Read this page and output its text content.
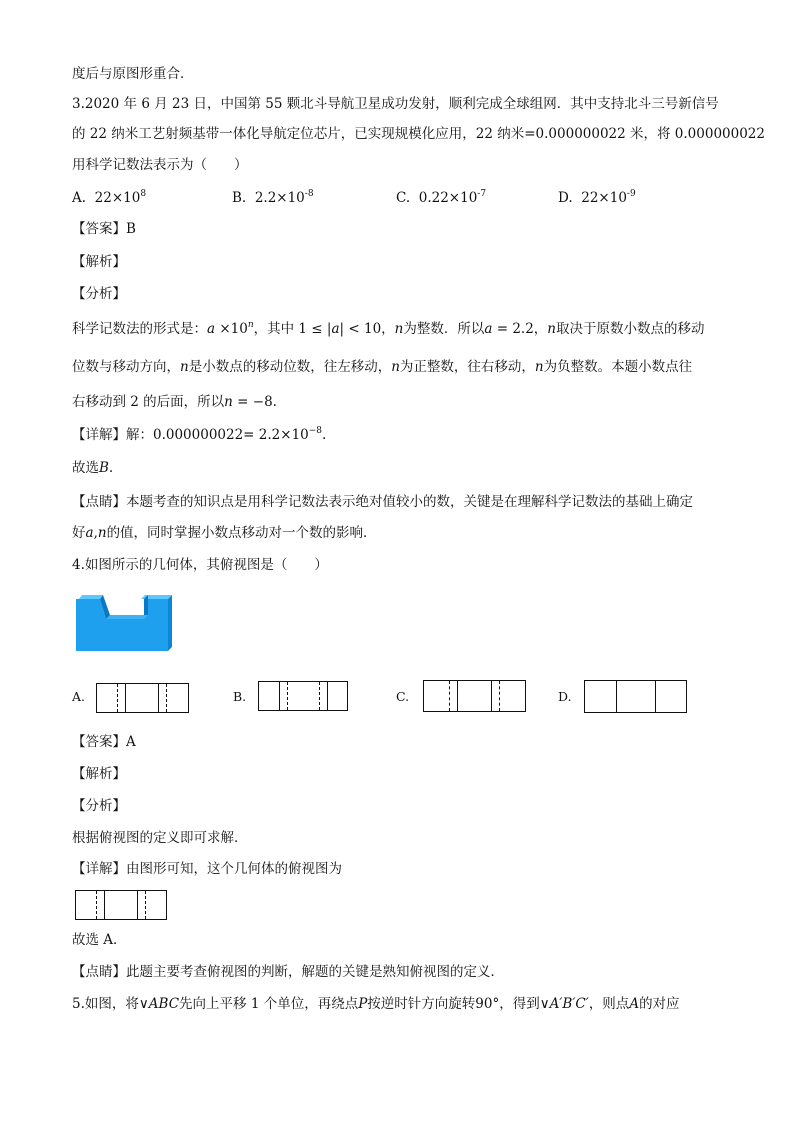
度后与原图形重合．
3.2020 年 6 月 23 日，中国第 55 颗北斗导航卫星成功发射，顺利完成全球组网．其中支持北斗三号新信号
的 22 纳米工艺射频基带一体化导航定位芯片，已实现规模化应用，22 纳米=0.000000022 米，将 0.000000022
用科学记数法表示为（　　）
A. $22\times 10^8$	B. $2.2\times 10^{-8}$	C. $0.22\times 10^{-7}$	D. $22\times 10^{-9}$
【答案】B
【解析】
【分析】
科学记数法的形式是：$a \times 10^n$，其中 1 ≤ |a| < 10，n为整数．所以a = 2.2，n取决于原数小数点的移动
位数与移动方向，n是小数点的移动位数，往左移动，n为正整数，往右移动，n为负整数。本题小数点往
右移动到 2 的后面，所以n = −8.
【详解】解：$0.000000022= 2.2\times 10^{-8}$.
故选B.
【点睛】本题考查的知识点是用科学记数法表示绝对值较小的数，关键是在理解科学记数法的基础上确定
好a,n的值，同时掌握小数点移动对一个数的影响．
4.如图所示的几何体，其俯视图是（　　）
A.	B.	C.	D.
【答案】A
【解析】
【分析】
根据俯视图的定义即可求解．
【详解】由图形可知，这个几何体的俯视图为
故选 A．
【点睛】此题主要考查俯视图的判断，解题的关键是熟知俯视图的定义．
5.如图，将∨ABC先向上平移 1 个单位，再绕点P按逆时针方向旋转90°，得到∨A′B′C′，则点A的对应
